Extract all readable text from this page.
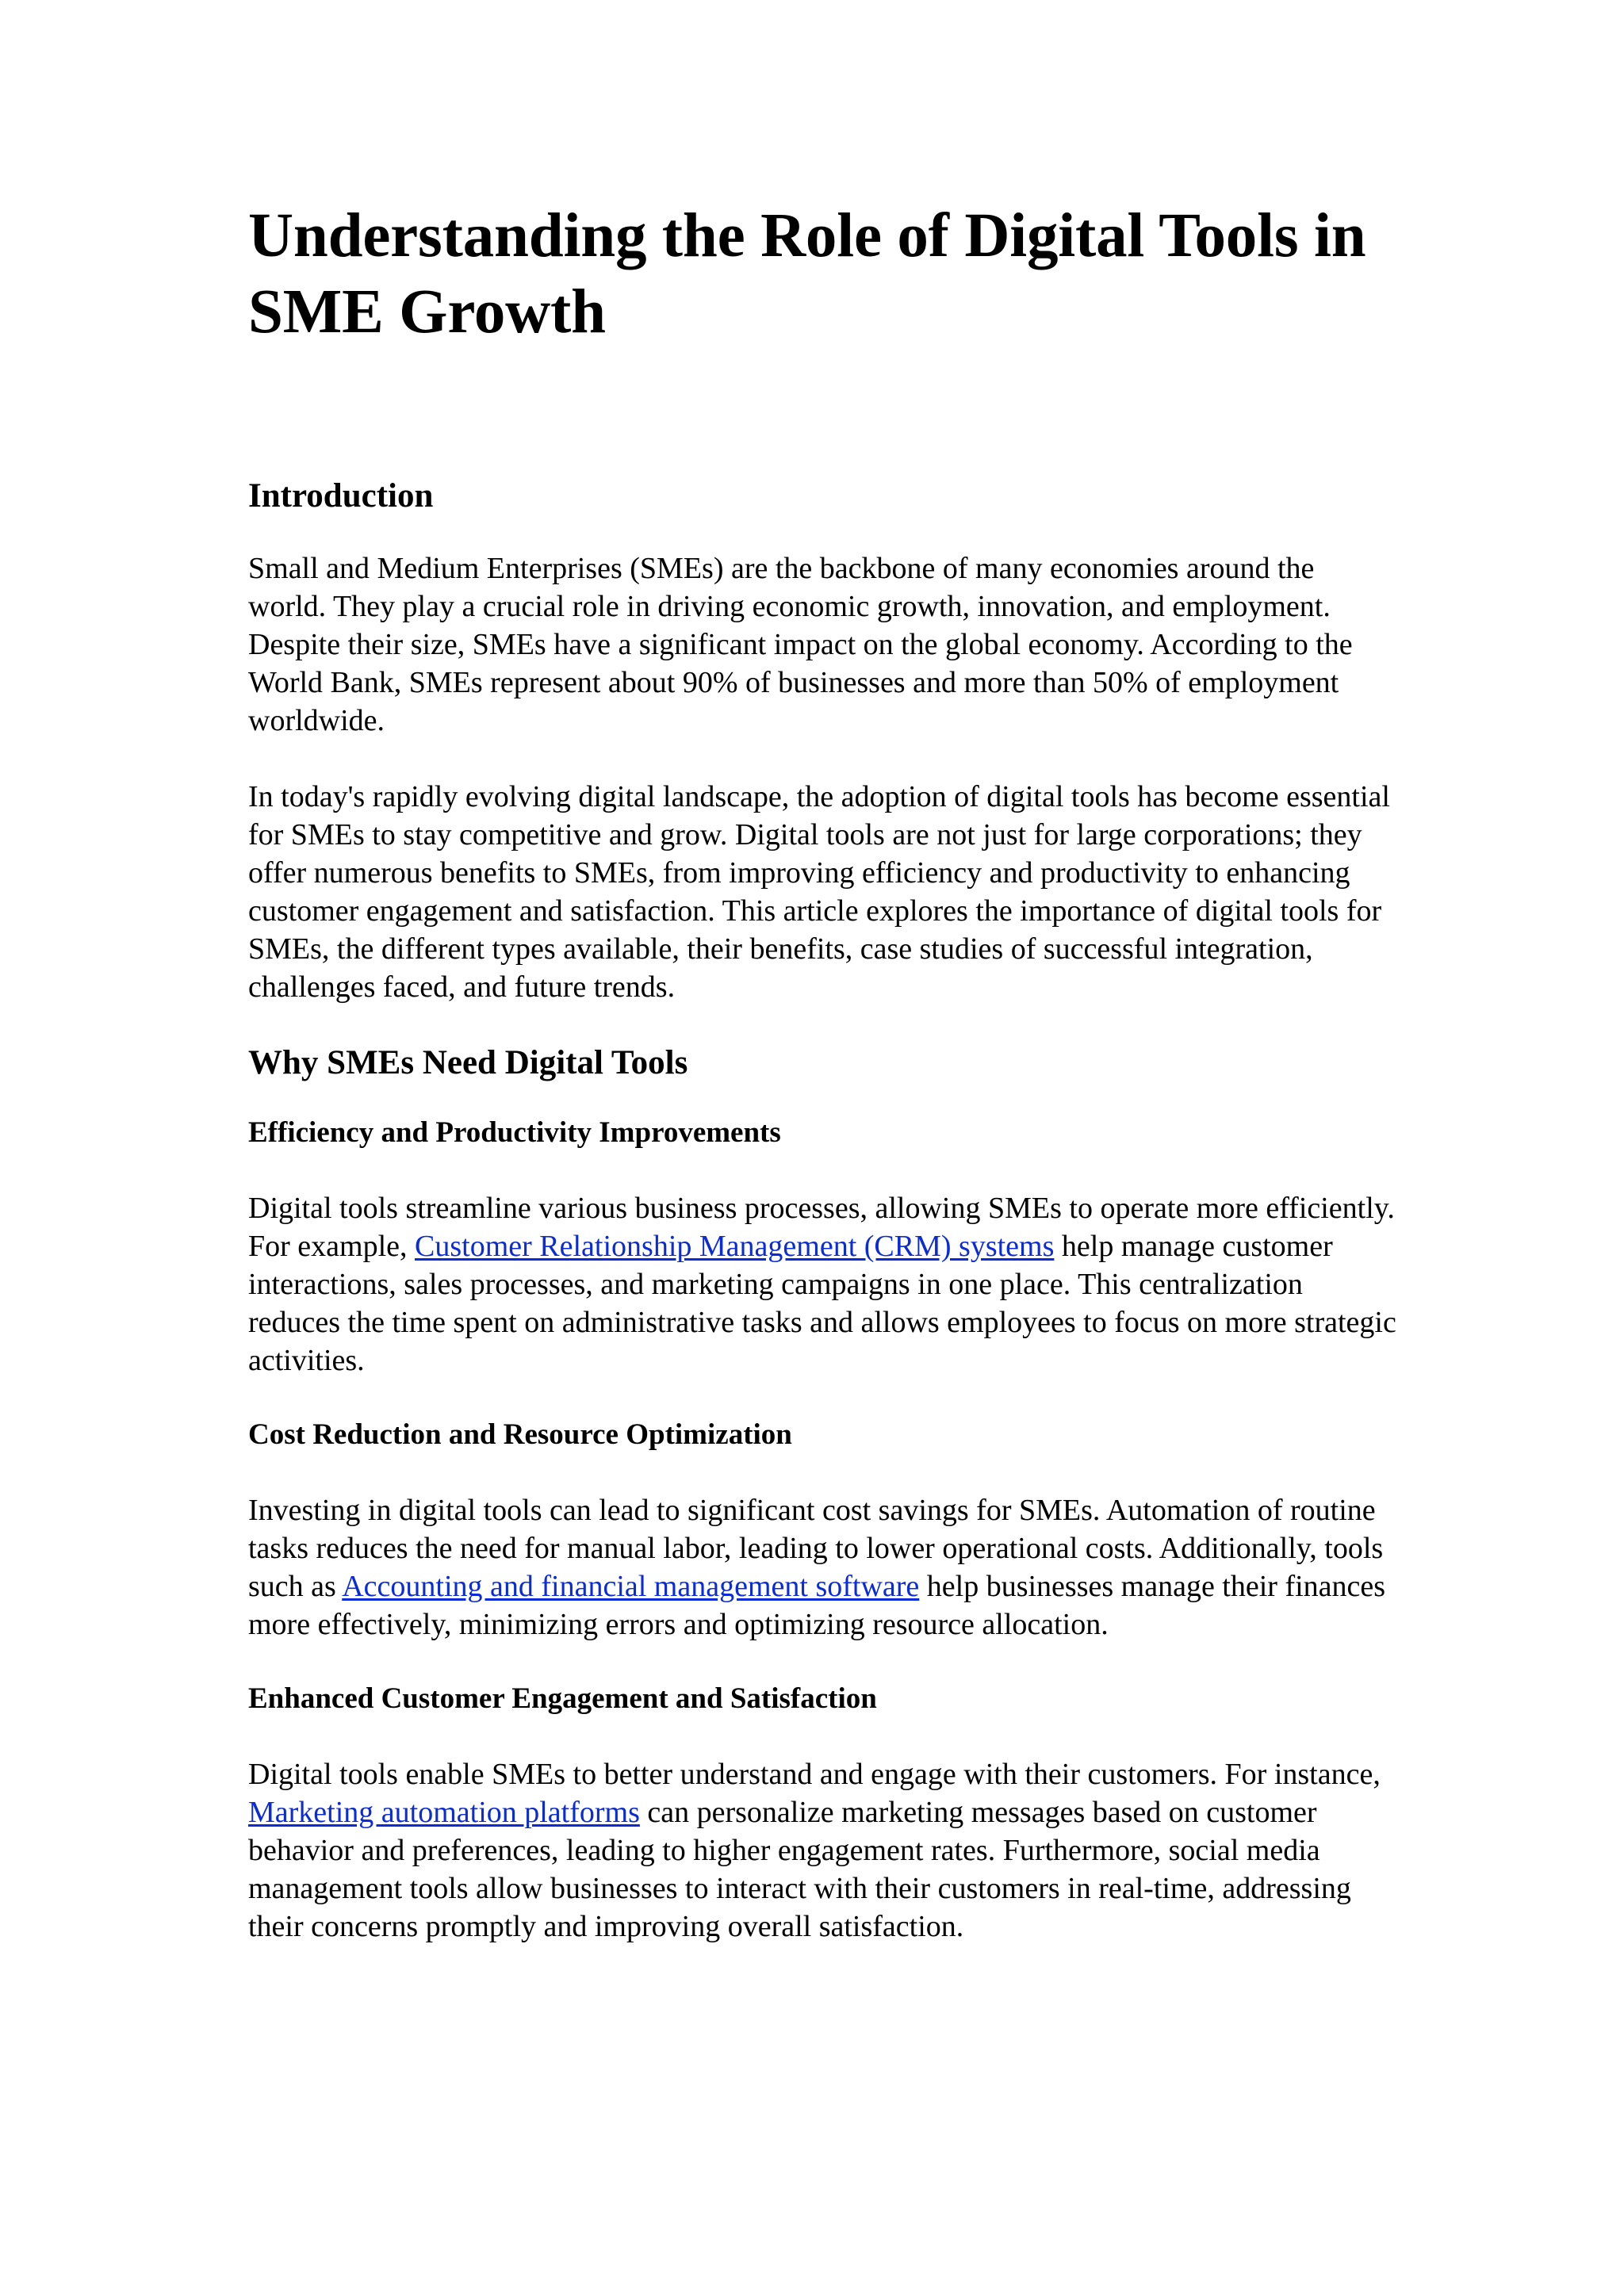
Understanding the Role of Digital Tools in SME Growth
Introduction

Small and Medium Enterprises (SMEs) are the backbone of many economies around the world. They play a crucial role in driving economic growth, innovation, and employment. Despite their size, SMEs have a significant impact on the global economy. According to the World Bank, SMEs represent about 90% of businesses and more than 50% of employment worldwide.

In today's rapidly evolving digital landscape, the adoption of digital tools has become essential for SMEs to stay competitive and grow. Digital tools are not just for large corporations; they offer numerous benefits to SMEs, from improving efficiency and productivity to enhancing customer engagement and satisfaction. This article explores the importance of digital tools for SMEs, the different types available, their benefits, case studies of successful integration, challenges faced, and future trends.

Why SMEs Need Digital Tools
Efficiency and Productivity Improvements

Digital tools streamline various business processes, allowing SMEs to operate more efficiently. For example, Customer Relationship Management (CRM) systems help manage customer interactions, sales processes, and marketing campaigns in one place. This centralization reduces the time spent on administrative tasks and allows employees to focus on more strategic activities.

Cost Reduction and Resource Optimization

Investing in digital tools can lead to significant cost savings for SMEs. Automation of routine tasks reduces the need for manual labor, leading to lower operational costs. Additionally, tools such as Accounting and financial management software help businesses manage their finances more effectively, minimizing errors and optimizing resource allocation.

Enhanced Customer Engagement and Satisfaction

Digital tools enable SMEs to better understand and engage with their customers. For instance, Marketing automation platforms can personalize marketing messages based on customer behavior and preferences, leading to higher engagement rates. Furthermore, social media management tools allow businesses to interact with their customers in real-time, addressing their concerns promptly and improving overall satisfaction.
